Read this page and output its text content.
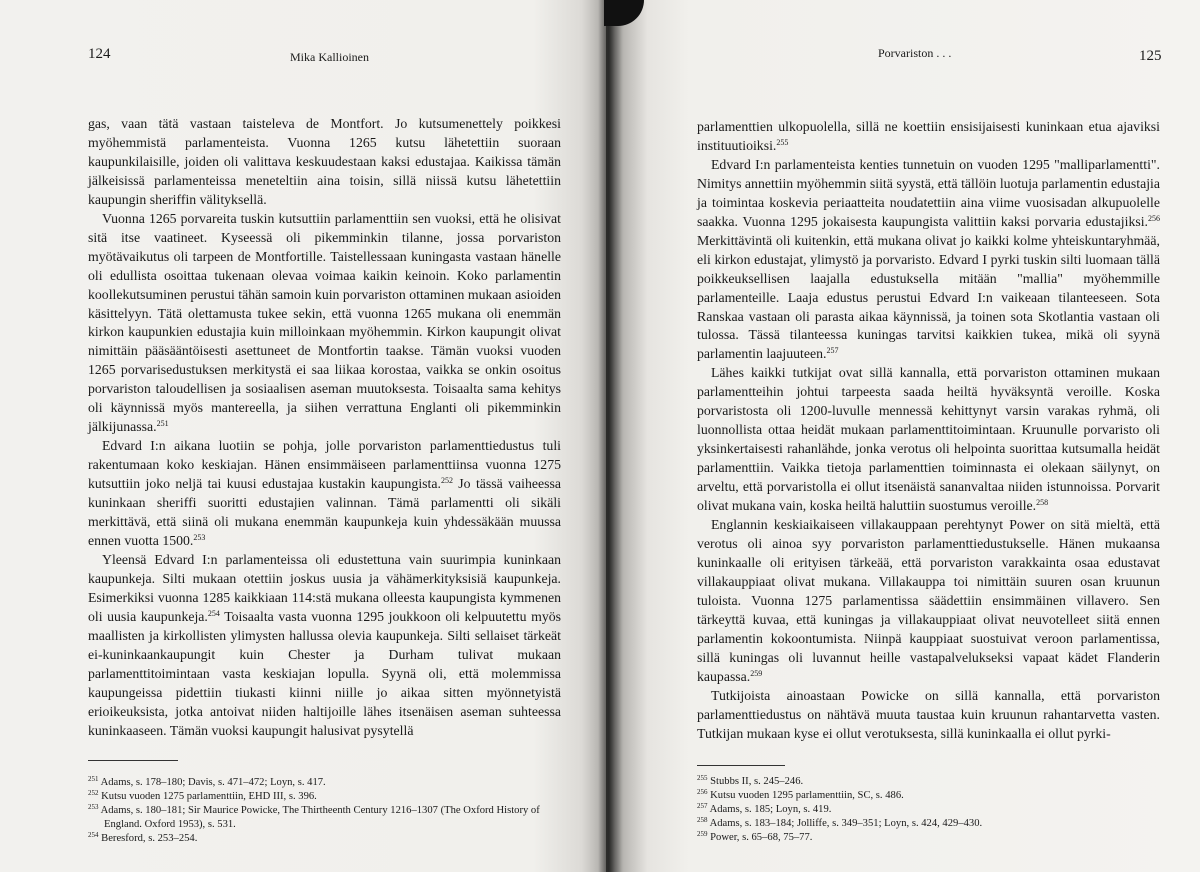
124	Mika Kallioinen

gas, vaan tätä vastaan taisteleva de Montfort. Jo kutsumenettely poikkesi myöhemmistä parlamenteista. Vuonna 1265 kutsu lähetettiin suoraan kaupunkilaisille, joiden oli valittava keskuudestaan kaksi edustajaa. Kaikissa tämän jälkeisissä parlamenteissa meneteltiin aina toisin, sillä niissä kutsu lähetettiin kaupungin sheriffin välityksellä.

Vuonna 1265 porvareita tuskin kutsuttiin parlamenttiin sen vuoksi, että he olisivat sitä itse vaatineet. Kyseessä oli pikemminkin tilanne, jossa porvariston myötävaikutus oli tarpeen de Montfortille. Taistellessaan kuningasta vastaan hänelle oli edullista osoittaa tukenaan olevaa voimaa kaikin keinoin. Koko parlamentin koollekutsuminen perustui tähän samoin kuin porvariston ottaminen mukaan asioiden käsittelyyn. Tätä olettamusta tukee sekin, että vuonna 1265 mukana oli enemmän kirkon kaupunkien edustajia kuin milloinkaan myöhemmin. Kirkon kaupungit olivat nimittäin pääsääntöisesti asettuneet de Montfortin taakse. Tämän vuoksi vuoden 1265 porvarisedustuksen merkitystä ei saa liikaa korostaa, vaikka se onkin osoitus porvariston taloudellisen ja sosiaalisen aseman muutoksesta. Toisaalta sama kehitys oli käynnissä myös mantereella, ja siihen verrattuna Englanti oli pikemminkin jälkijunassa.$^{251}$

Edvard I:n aikana luotiin se pohja, jolle porvariston parlamenttiedustus tuli rakentumaan koko keskiajan. Hänen ensimmäiseen parlamenttiinsa vuonna 1275 kutsuttiin joko neljä tai kuusi edustajaa kustakin kaupungista.$^{252}$ Jo tässä vaiheessa kuninkaan sheriffi suoritti edustajien valinnan. Tämä parlamentti oli sikäli merkittävä, että siinä oli mukana enemmän kaupunkeja kuin yhdessäkään muussa ennen vuotta 1500.$^{253}$

Yleensä Edvard I:n parlamenteissa oli edustettuna vain suurimpia kuninkaan kaupunkeja. Silti mukaan otettiin joskus uusia ja vähämerkityksisiä kaupunkeja. Esimerkiksi vuonna 1285 kaikkiaan 114:stä mukana olleesta kaupungista kymmenen oli uusia kaupunkeja.$^{254}$ Toisaalta vasta vuonna 1295 joukkoon oli kelpuutettu myös maallisten ja kirkollisten ylimysten hallussa olevia kaupunkeja. Silti sellaiset tärkeät ei-kuninkaankaupungit kuin Chester ja Durham tulivat mukaan parlamenttitoimintaan vasta keskiajan lopulla. Syynä oli, että molemmissa kaupungeissa pidettiin tiukasti kiinni niille jo aikaa sitten myönnetyistä erioikeuksista, jotka antoivat niiden haltijoille lähes itsenäisen aseman suhteessa kuninkaaseen. Tämän vuoksi kaupungit halusivat pysytellä

$^{251}$ Adams, s. 178–180; Davis, s. 471–472; Loyn, s. 417.
$^{252}$ Kutsu vuoden 1275 parlamenttiin, EHD III, s. 396.
$^{253}$ Adams, s. 180–181; Sir Maurice Powicke, The Thirtheenth Century 1216–1307 (The Oxford History of England. Oxford 1953), s. 531.
$^{254}$ Beresford, s. 253–254.
Porvariston . . .	125

parlamenttien ulkopuolella, sillä ne koettiin ensisijaisesti kuninkaan etua ajaviksi instituutioiksi.$^{255}$

Edvard I:n parlamenteista kenties tunnetuin on vuoden 1295 "malliparlamentti". Nimitys annettiin myöhemmin siitä syystä, että tällöin luotuja parlamentin edustajia ja toimintaa koskevia periaatteita noudatettiin aina viime vuosisadan alkupuolelle saakka. Vuonna 1295 jokaisesta kaupungista valittiin kaksi porvaria edustajiksi.$^{256}$ Merkittävintä oli kuitenkin, että mukana olivat jo kaikki kolme yhteiskuntaryhmää, eli kirkon edustajat, ylimystö ja porvaristo. Edvard I pyrki tuskin silti luomaan tällä poikkeuksellisen laajalla edustuksella mitään "mallia" myöhemmille parlamenteille. Laaja edustus perustui Edvard I:n vaikeaan tilanteeseen. Sota Ranskaa vastaan oli parasta aikaa käynnissä, ja toinen sota Skotlantia vastaan oli tulossa. Tässä tilanteessa kuningas tarvitsi kaikkien tukea, mikä oli syynä parlamentin laajuuteen.$^{257}$

Lähes kaikki tutkijat ovat sillä kannalla, että porvariston ottaminen mukaan parlamentteihin johtui tarpeesta saada heiltä hyväksyntä veroille. Koska porvaristosta oli 1200-luvulle mennessä kehittynyt varsin varakas ryhmä, oli luonnollista ottaa heidät mukaan parlamenttitoimintaan. Kruunulle porvaristo oli yksinkertaisesti rahanlähde, jonka verotus oli helpointa suorittaa kutsumalla heidät parlamenttiin. Vaikka tietoja parlamenttien toiminnasta ei olekaan säilynyt, on arveltu, että porvaristolla ei ollut itsenäistä sananvaltaa niiden istunnoissa. Porvarit olivat mukana vain, koska heiltä haluttiin suostumus veroille.$^{258}$

Englannin keskiaikaiseen villakauppaan perehtynyt Power on sitä mieltä, että verotus oli ainoa syy porvariston parlamenttiedustukselle. Hänen mukaansa kuninkaalle oli erityisen tärkeää, että porvariston varakkainta osaa edustavat villakauppiaat olivat mukana. Villakauppa toi nimittäin suuren osan kruunun tuloista. Vuonna 1275 parlamentissa säädettiin ensimmäinen villavero. Sen tärkeyttä kuvaa, että kuningas ja villakauppiaat olivat neuvotelleet siitä ennen parlamentin kokoontumista. Niinpä kauppiaat suostuivat veroon parlamentissa, sillä kuningas oli luvannut heille vastapalvelukseksi vapaat kädet Flanderin kaupassa.$^{259}$

Tutkijoista ainoastaan Powicke on sillä kannalla, että porvariston parlamenttiedustus on nähtävä muuta taustaa kuin kruunun rahantarvetta vasten. Tutkijan mukaan kyse ei ollut verotuksesta, sillä kuninkaalla ei ollut pyrki-

$^{255}$ Stubbs II, s. 245–246.
$^{256}$ Kutsu vuoden 1295 parlamenttiin, SC, s. 486.
$^{257}$ Adams, s. 185; Loyn, s. 419.
$^{258}$ Adams, s. 183–184; Jolliffe, s. 349–351; Loyn, s. 424, 429–430.
$^{259}$ Power, s. 65–68, 75–77.
